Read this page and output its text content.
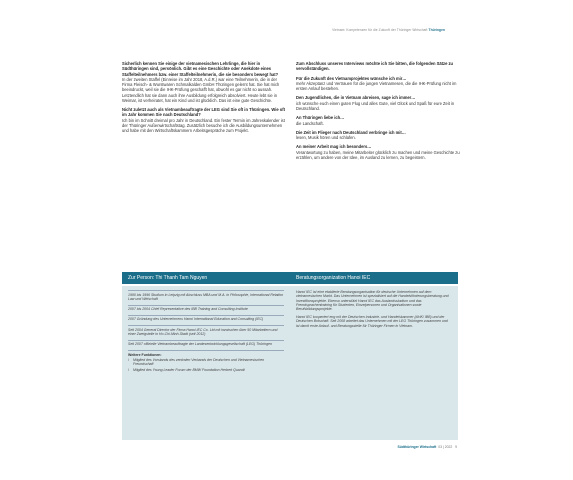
Vietnam: Kompetenzen für die Zukunft der Thüringer Wirtschaft Thüringen

Sicherlich kennen Sie einige der vietnamesischen Lehrlinge, die hier in Südthüringen sind, persönlich. Gibt es eine Geschichte oder Anekdote eines Staffelteilnehmers bzw. einer Staffelteilnehmerin, die sie besonders bewegt hat?
In der zweiten Staffel (Einreise im Jahr 2018, A.d.R.) war eine Teilnehmerin, die in der Firma Fleisch- & Wurstwaren Schmalkalden GmbH Thüringen gelernt hat. Sie hat mich beeindruckt, weil sie die IHK-Prüfung geschafft hat, obwohl es gar nicht so aussah. Letztendlich hat sie dann auch ihre Ausbildung erfolgreich absolviert. Heute lebt sie in Weimar, ist verheiratet, hat ein Kind und ist glücklich. Das ist eine gute Geschichte.

Nicht zuletzt auch als Vietnambeauftragte der LEG sind Sie oft in Thüringen. Wie oft im Jahr kommen Sie nach Deutschland?
Ich bin im Schnitt dreimal pro Jahr in Deutschland. Ein fester Termin im Jahreskalender ist der Thüringer Außenwirtschaftstag. Zusätzlich besuche ich die Ausbildungsunternehmen und habe mit den Wirtschaftskammern Arbeitsgespräche zum Projekt.

Zum Abschluss unseres Interviews möchte ich Sie bitten, die folgenden Sätze zu vervollständigen.

Für die Zukunft des Vietnamprojektes wünsche ich mir…
mehr Akzeptanz und Vertrauen für die jungen Vietnamesen, die die IHK-Prüfung nicht im ersten Anlauf bestehen.

Den Jugendlichen, die in Vietnam abreisen, sage ich immer…
ich wünsche euch einen guten Flug und alles Gute, viel Glück und Spaß für eure Zeit in Deutschland.

An Thüringen liebe ich…
die Landschaft.

Die Zeit im Flieger nach Deutschland verbringe ich mit…
lesen, Musik hören und schlafen.

An meiner Arbeit mag ich besonders…
Verantwortung zu haben, meine Mitarbeiter glücklich zu machen und meine Geschichte zu erzählen, um andere von der Idee, im Ausland zu lernen, zu begeistern.

Zur Person: Thi Thanh Tam Nguyen

1990 bis 1996 Studium in Leipzig mit Abschluss MBA und M.A. in Philosophie, International Relation Law und Wirtschaft

2007 bis 2004 Chief Representative des IBB Training and Consulting Institute

2007 Gründung des Unternehmens Hanoi International Education and Consulting (IEC)

Seit 2004 General Director der Firma Hanoi IEC Co. Ltd mit inzwischen über 50 Mitarbeitern und einer Zweigstelle in Ho-Chi-Minh-Stadt (seit 2012)

Seit 2007 offizielle Vietnambeauftragte der Landesentwicklungsgesellschaft (LEG) Thüringen

Weitere Funktionen:
/	Mitglied des Vorstands des zentralen Verbands der Deutschen und Vietnamesischen Freundschaft
/	Mitglied des Young Leader Forum der BMW Foundation Herbert Quandt
Beratungsorganization Hanoi IEC

Hanoi IEC ist eine etablierte Beratungsorganisation für deutsche Unternehmen auf dem vietnamesischen Markt. Das Unternehmen ist spezialisiert auf die Handelsförderungsberatung und Investitionsprojekte. Ebenso unterstützt Hanoi IEC das Auslandsstudium und das Fremdsprachentraining für Studenten, Einzelpersonen und Organisationen sowie Berufsbildungsprojekte.

Hanoi IEC kooperiert eng mit der Deutschen Industrie- und Handelskammer (AHK/ IBB) und der Deutschen Botschaft. Seit 2008 arbeitet das Unternehmen mit der LEG Thüringen zusammen und ist damit erste Anlauf- und Beratungsstelle für Thüringer Firmen in Vietnam.

Südthüringer Wirtschaft 03 | 2022 9
